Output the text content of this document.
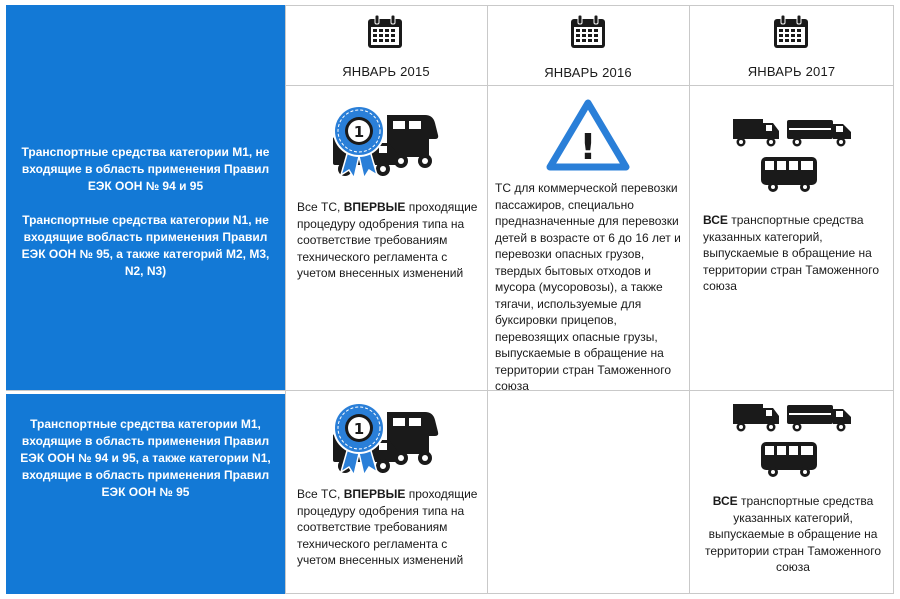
Транспортные средства категории М1, не входящие в область применения Правил ЕЭК ООН № 94 и 95

Транспортные средства категории N1, не входящие вобласть применения Правил ЕЭК ООН № 95, а также категорий М2, М3, N2, N3)

Транспортные средства категории М1, входящие в область применения Правил ЕЭК ООН № 94 и 95, а также категории N1, входящие в область применения Правил ЕЭК ООН № 95

ЯНВАРЬ 2015	ЯНВАРЬ 2016	ЯНВАРЬ 2017
1
Все ТС, ВПЕРВЫЕ проходящие процедуру одобрения типа на соответствие требованиям технического регламента с учетом внесенных изменений
!
ТС для коммерческой перевозки пассажиров, специально предназначенные для перевозки детей в возрасте от 6 до 16 лет и перевозки опасных грузов, твердых бытовых отходов и мусора (мусоровозы), а также тягачи, используемые для буксировки прицепов, перевозящих опасные грузы, выпускаемые в обращение на территории стран Таможенного союза
ВСЕ транспортные средства указанных категорий, выпускаемые в обращение на территории стран Таможенного союза
1
Все ТС, ВПЕРВЫЕ проходящие процедуру одобрения типа на соответствие требованиям технического регламента с учетом внесенных изменений
ВСЕ транспортные средства указанных категорий, выпускаемые в обращение на территории стран Таможенного союза
